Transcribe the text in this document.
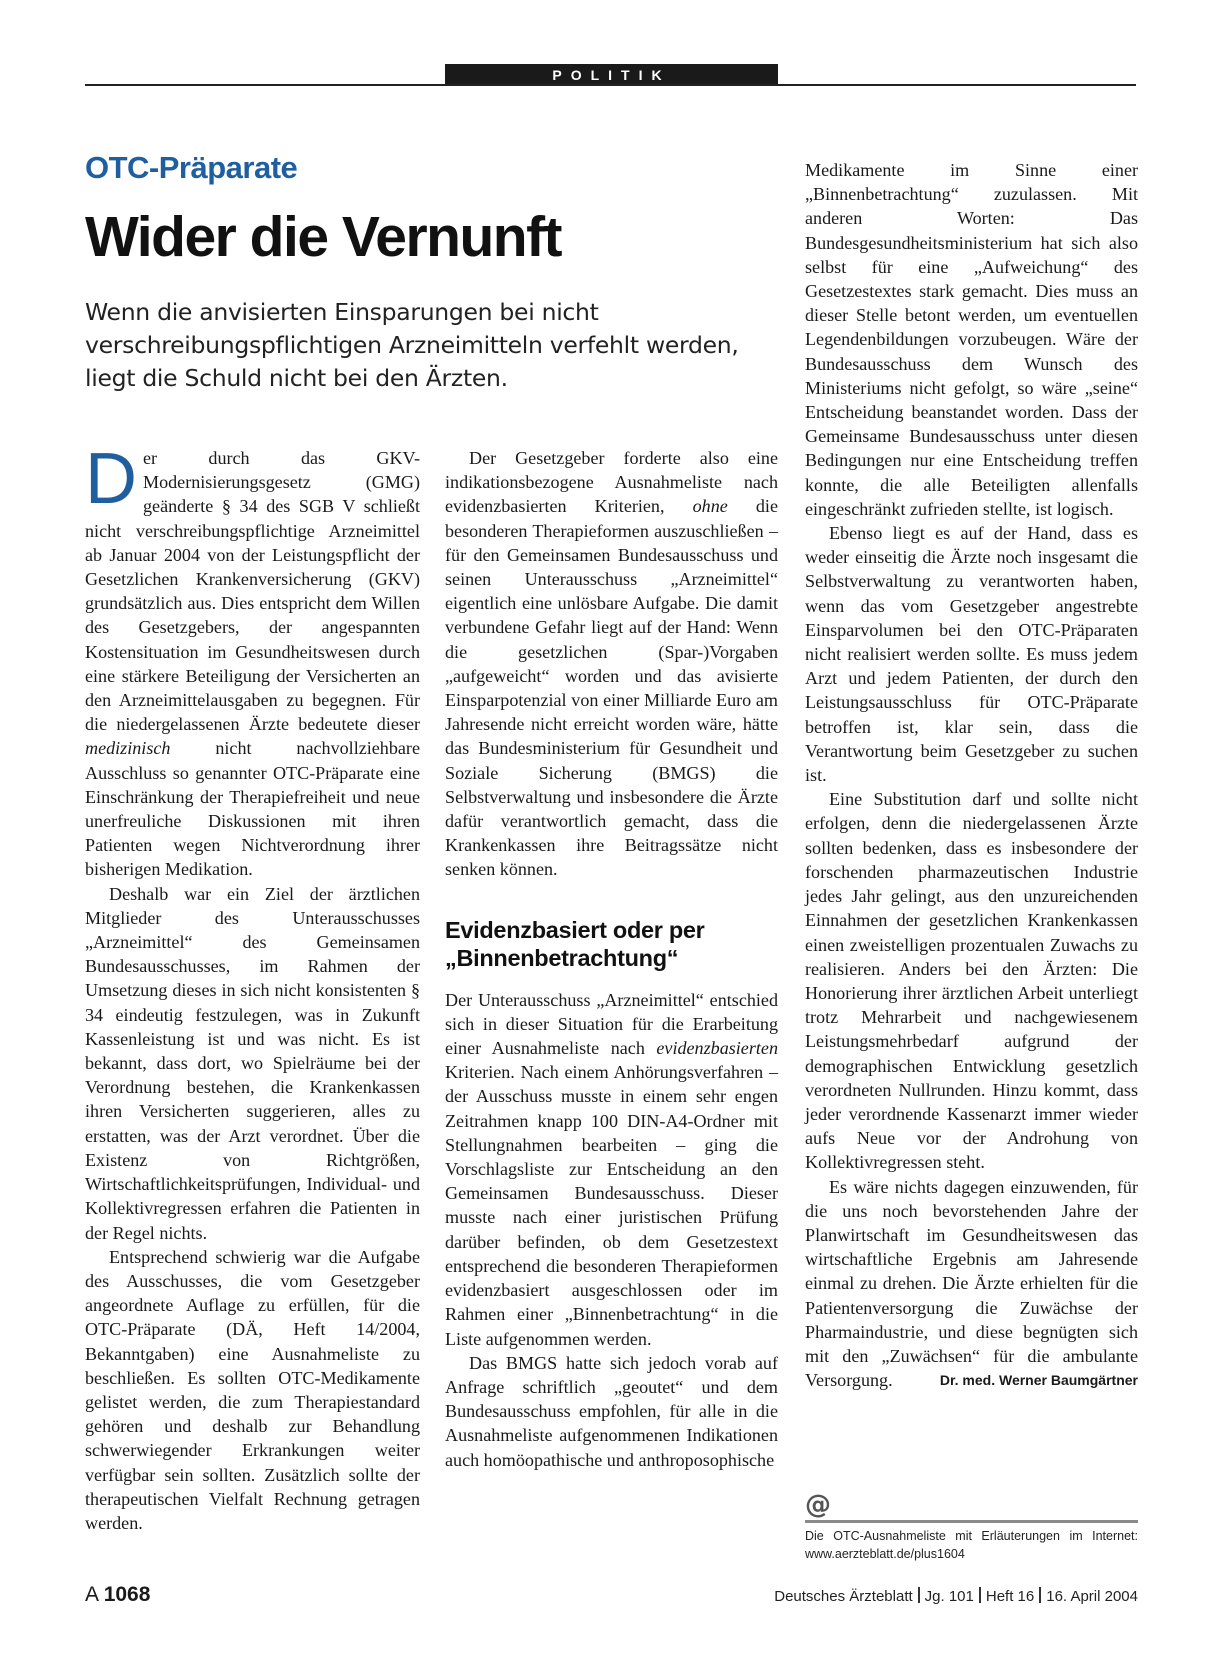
POLITIK
OTC-Präparate
Wider die Vernunft
Wenn die anvisierten Einsparungen bei nicht verschreibungspflichtigen Arzneimitteln verfehlt werden, liegt die Schuld nicht bei den Ärzten.

Der durch das GKV-Modernisierungsgesetz (GMG) geänderte § 34 des SGB V schließt nicht verschreibungspflichtige Arzneimittel ab Januar 2004 von der Leistungspflicht der Gesetzlichen Krankenversicherung (GKV) grundsätzlich aus. Dies entspricht dem Willen des Gesetzgebers, der angespannten Kostensituation im Gesundheitswesen durch eine stärkere Beteiligung der Versicherten an den Arzneimittelausgaben zu begegnen. Für die niedergelassenen Ärzte bedeutete dieser medizinisch nicht nachvollziehbare Ausschluss so genannter OTC-Präparate eine Einschränkung der Therapiefreiheit und neue unerfreuliche Diskussionen mit ihren Patienten wegen Nichtverordnung ihrer bisherigen Medikation.

Deshalb war ein Ziel der ärztlichen Mitglieder des Unterausschusses „Arzneimittel“ des Gemeinsamen Bundesausschusses, im Rahmen der Umsetzung dieses in sich nicht konsistenten § 34 eindeutig festzulegen, was in Zukunft Kassenleistung ist und was nicht. Es ist bekannt, dass dort, wo Spielräume bei der Verordnung bestehen, die Krankenkassen ihren Versicherten suggerieren, alles zu erstatten, was der Arzt verordnet. Über die Existenz von Richtgrößen, Wirtschaftlichkeitsprüfungen, Individual- und Kollektivregressen erfahren die Patienten in der Regel nichts.

Entsprechend schwierig war die Aufgabe des Ausschusses, die vom Gesetzgeber angeordnete Auflage zu erfüllen, für die OTC-Präparate (DÄ, Heft 14/2004, Bekanntgaben) eine Ausnahmeliste zu beschließen. Es sollten OTC-Medikamente gelistet werden, die zum Therapiestandard gehören und deshalb zur Behandlung schwerwiegender Erkrankungen weiter verfügbar sein sollten. Zusätzlich sollte der therapeutischen Vielfalt Rechnung getragen werden.

Der Gesetzgeber forderte also eine indikationsbezogene Ausnahmeliste nach evidenzbasierten Kriterien, ohne die besonderen Therapieformen auszuschließen – für den Gemeinsamen Bundesausschuss und seinen Unterausschuss „Arzneimittel“ eigentlich eine unlösbare Aufgabe. Die damit verbundene Gefahr liegt auf der Hand: Wenn die gesetzlichen (Spar-)Vorgaben „aufgeweicht“ worden und das avisierte Einsparpotenzial von einer Milliarde Euro am Jahresende nicht erreicht worden wäre, hätte das Bundesministerium für Gesundheit und Soziale Sicherung (BMGS) die Selbstverwaltung und insbesondere die Ärzte dafür verantwortlich gemacht, dass die Krankenkassen ihre Beitragssätze nicht senken können.

Evidenzbasiert oder per „Binnenbetrachtung“

Der Unterausschuss „Arzneimittel“ entschied sich in dieser Situation für die Erarbeitung einer Ausnahmeliste nach evidenzbasierten Kriterien. Nach einem Anhörungsverfahren – der Ausschuss musste in einem sehr engen Zeitrahmen knapp 100 DIN-A4-Ordner mit Stellungnahmen bearbeiten – ging die Vorschlagsliste zur Entscheidung an den Gemeinsamen Bundesausschuss. Dieser musste nach einer juristischen Prüfung darüber befinden, ob dem Gesetzestext entsprechend die besonderen Therapieformen evidenzbasiert ausgeschlossen oder im Rahmen einer „Binnenbetrachtung“ in die Liste aufgenommen werden.

Das BMGS hatte sich jedoch vorab auf Anfrage schriftlich „geoutet“ und dem Bundesausschuss empfohlen, für alle in die Ausnahmeliste aufgenommenen Indikationen auch homöopathische und anthroposophische

Medikamente im Sinne einer „Binnenbetrachtung“ zuzulassen. Mit anderen Worten: Das Bundesgesundheitsministerium hat sich also selbst für eine „Aufweichung“ des Gesetzestextes stark gemacht. Dies muss an dieser Stelle betont werden, um eventuellen Legendenbildungen vorzubeugen. Wäre der Bundesausschuss dem Wunsch des Ministeriums nicht gefolgt, so wäre „seine“ Entscheidung beanstandet worden. Dass der Gemeinsame Bundesausschuss unter diesen Bedingungen nur eine Entscheidung treffen konnte, die alle Beteiligten allenfalls eingeschränkt zufrieden stellte, ist logisch.

Ebenso liegt es auf der Hand, dass es weder einseitig die Ärzte noch insgesamt die Selbstverwaltung zu verantworten haben, wenn das vom Gesetzgeber angestrebte Einsparvolumen bei den OTC-Präparaten nicht realisiert werden sollte. Es muss jedem Arzt und jedem Patienten, der durch den Leistungsausschluss für OTC-Präparate betroffen ist, klar sein, dass die Verantwortung beim Gesetzgeber zu suchen ist.

Eine Substitution darf und sollte nicht erfolgen, denn die niedergelassenen Ärzte sollten bedenken, dass es insbesondere der forschenden pharmazeutischen Industrie jedes Jahr gelingt, aus den unzureichenden Einnahmen der gesetzlichen Krankenkassen einen zweistelligen prozentualen Zuwachs zu realisieren. Anders bei den Ärzten: Die Honorierung ihrer ärztlichen Arbeit unterliegt trotz Mehrarbeit und nachgewiesenem Leistungsmehrbedarf aufgrund der demographischen Entwicklung gesetzlich verordneten Nullrunden. Hinzu kommt, dass jeder verordnende Kassenarzt immer wieder aufs Neue vor der Androhung von Kollektivregressen steht.

Es wäre nichts dagegen einzuwenden, für die uns noch bevorstehenden Jahre der Planwirtschaft im Gesundheitswesen das wirtschaftliche Ergebnis am Jahresende einmal zu drehen. Die Ärzte erhielten für die Patientenversorgung die Zuwächse der Pharmaindustrie, und diese begnügten sich mit den „Zuwächsen“ für die ambulante Versorgung.	Dr. med. Werner Baumgärtner

@
Die OTC-Ausnahmeliste mit Erläuterungen im Internet: www.aerzteblatt.de/plus1604
A 1068	Deutsches Ärzteblatt Jg. 101 Heft 16 16. April 2004
